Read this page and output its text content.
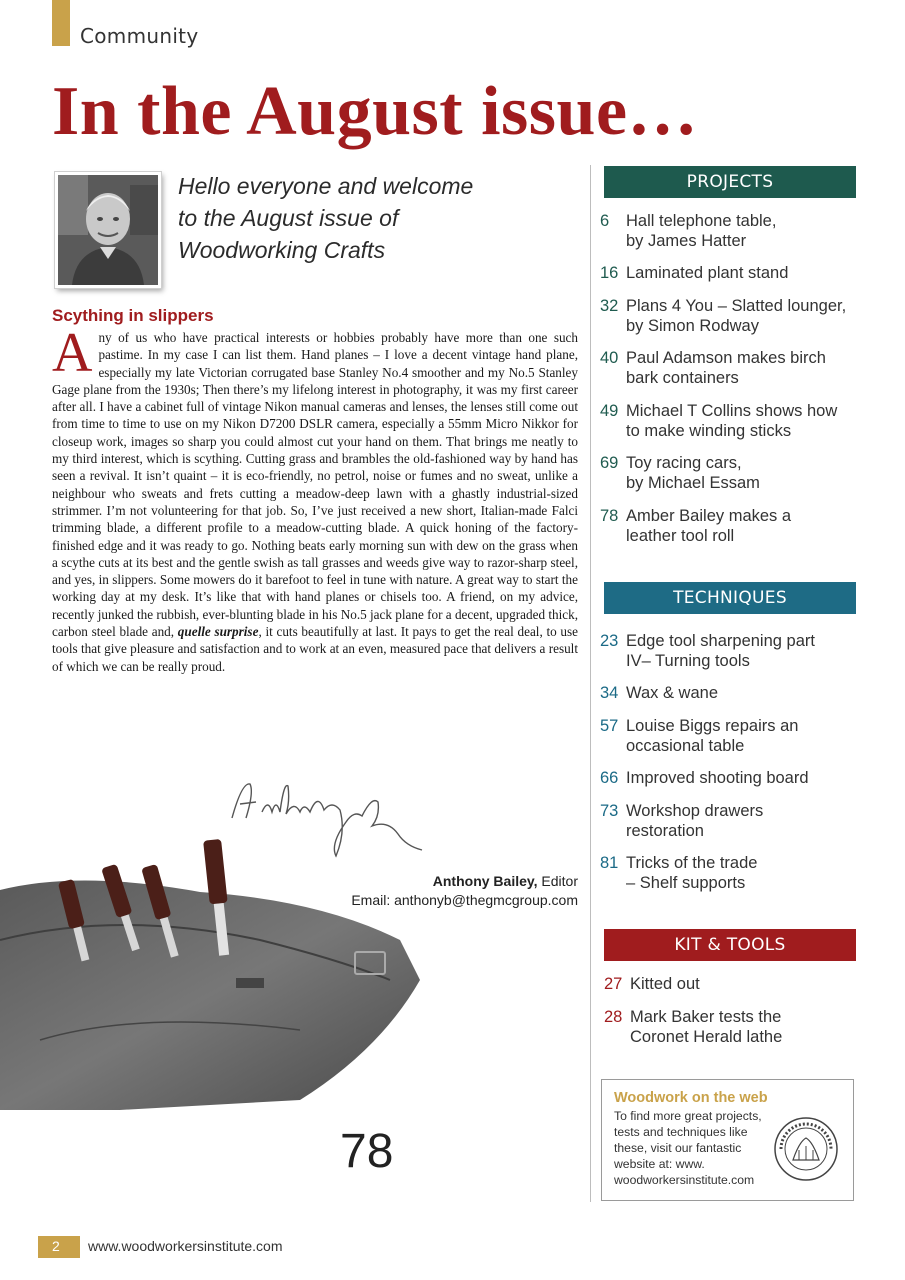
Community
In the August issue…
Hello everyone and welcome
to the August issue of
Woodworking Crafts
Scything in slippers
Any of us who have practical interests or hobbies probably have more than one such pastime. In my case I can list them. Hand planes – I love a decent vintage hand plane, especially my late Victorian corrugated base Stanley No.4 smoother and my No.5 Stanley Gage plane from the 1930s; Then there’s my lifelong interest in photography, it was my first career after all. I have a cabinet full of vintage Nikon manual cameras and lenses, the lenses still come out from time to time to use on my Nikon D7200 DSLR camera, especially a 55mm Micro Nikkor for closeup work, images so sharp you could almost cut your hand on them. That brings me neatly to my third interest, which is scything. Cutting grass and brambles the old-fashioned way by hand has seen a revival. It isn’t quaint – it is eco-friendly, no petrol, noise or fumes and no sweat, unlike a neighbour who sweats and frets cutting a meadow-deep lawn with a ghastly industrial-sized strimmer. I’m not volunteering for that job. So, I’ve just received a new short, Italian-made Falci trimming blade, a different profile to a meadow-cutting blade. A quick honing of the factory-finished edge and it was ready to go. Nothing beats early morning sun with dew on the grass when a scythe cuts at its best and the gentle swish as tall grasses and weeds give way to razor-sharp steel, and yes, in slippers. Some mowers do it barefoot to feel in tune with nature. A great way to start the working day at my desk. It’s like that with hand planes or chisels too. A friend, on my advice, recently junked the rubbish, ever-blunting blade in his No.5 jack plane for a decent, upgraded thick, carbon steel blade and, quelle surprise, it cuts beautifully at last. It pays to get the real deal, to use tools that give pleasure and satisfaction and to work at an even, measured pace that delivers a result of which we can be really proud.
Anthony Bailey, Editor
Email: anthonyb@thegmcgroup.com
78
PROJECTS
6	Hall telephone table,
by James Hatter
16 Laminated plant stand
32 Plans 4 You – Slatted lounger,
by Simon Rodway
40 Paul Adamson makes birch
bark containers
49 Michael T Collins shows how
to make winding sticks
69 Toy racing cars,
by Michael Essam
78 Amber Bailey makes a
leather tool roll
TECHNIQUES
23 Edge tool sharpening part
IV– Turning tools
34 Wax & wane
57 Louise Biggs repairs an
occasional table
66 Improved shooting board
73 Workshop drawers
restoration
81 Tricks of the trade
– Shelf supports
KIT & TOOLS
27 Kitted out
28 Mark Baker tests the
Coronet Herald lathe
Woodwork on the web
To find more great projects, tests and techniques like these, visit our fantastic website at: www. woodworkersinstitute.com
2 www.woodworkersinstitute.com
